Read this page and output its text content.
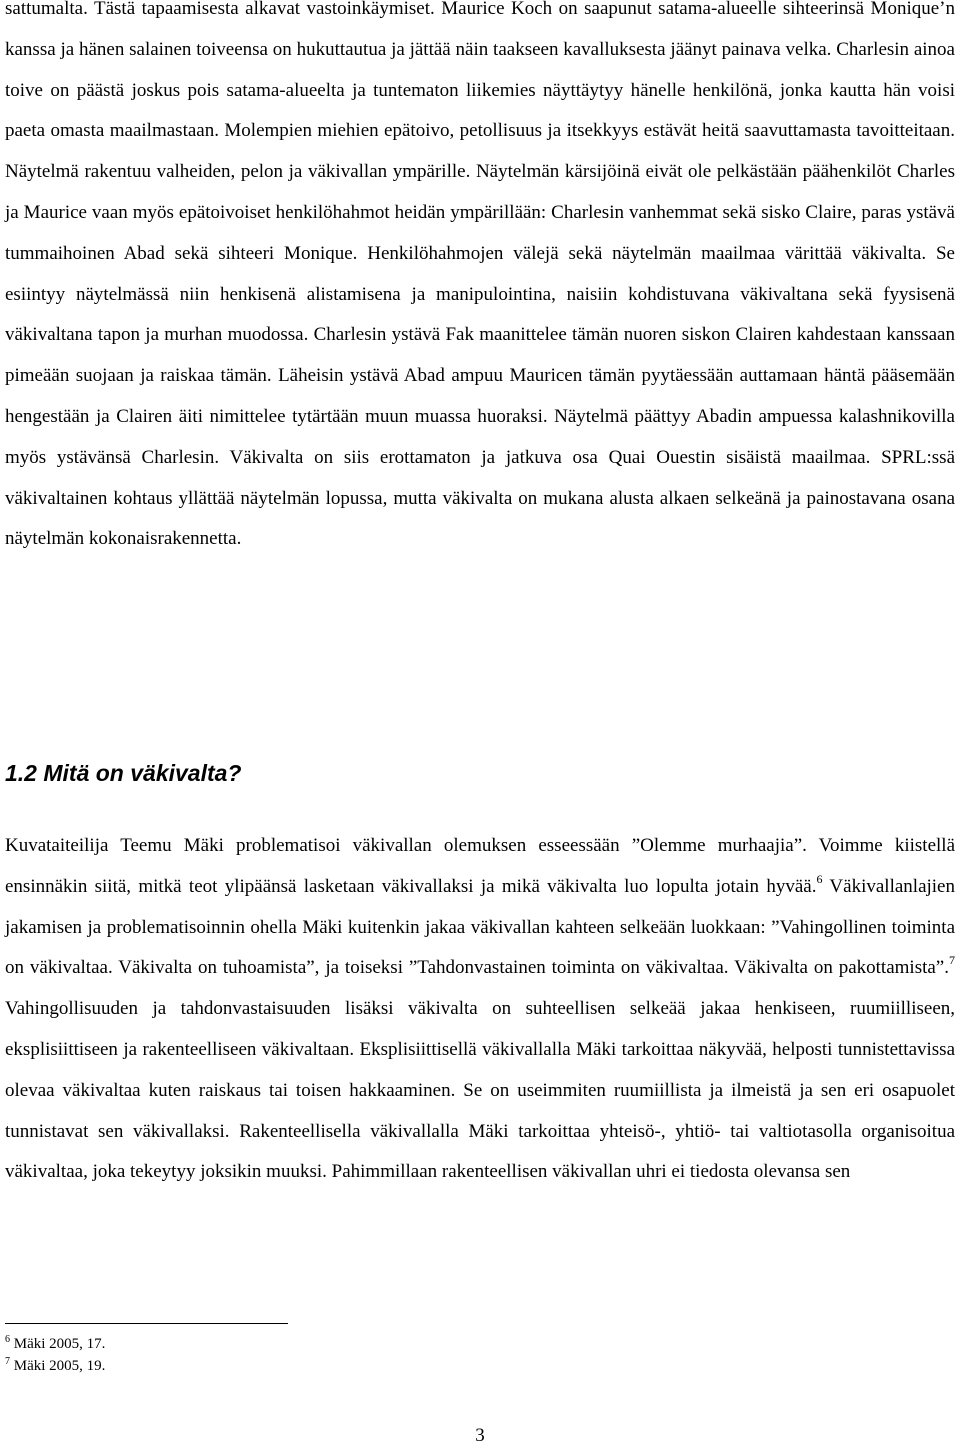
sattumalta. Tästä tapaamisesta alkavat vastoinkäymiset. Maurice Koch on saapunut satama-alueelle sihteerinsä Monique’n kanssa ja hänen salainen toiveensa on hukuttautua ja jättää näin taakseen kavalluksesta jäänyt painava velka. Charlesin ainoa toive on päästä joskus pois satama-alueelta ja tuntematon liikemies näyttäytyy hänelle henkilönä, jonka kautta hän voisi paeta omasta maailmastaan. Molempien miehien epätoivo, petollisuus ja itsekkyys estävät heitä saavuttamasta tavoitteitaan. Näytelmä rakentuu valheiden, pelon ja väkivallan ympärille. Näytelmän kärsijöinä eivät ole pelkästään päähenkilöt Charles ja Maurice vaan myös epätoivoiset henkilöhahmot heidän ympärillään: Charlesin vanhemmat sekä sisko Claire, paras ystävä tummaihoinen Abad sekä sihteeri Monique. Henkilöhahmojen välejä sekä näytelmän maailmaa värittää väkivalta. Se esiintyy näytelmässä niin henkisenä alistamisena ja manipulointina, naisiin kohdistuvana väkivaltana sekä fyysisenä väkivaltana tapon ja murhan muodossa. Charlesin ystävä Fak maanittelee tämän nuoren siskon Clairen kahdestaan kanssaan pimeään suojaan ja raiskaa tämän. Läheisin ystävä Abad ampuu Mauricen tämän pyytäessään auttamaan häntä pääsemään hengestään ja Clairen äiti nimittelee tytärtään muun muassa huoraksi. Näytelmä päättyy Abadin ampuessa kalashnikovilla myös ystävänsä Charlesin. Väkivalta on siis erottamaton ja jatkuva osa Quai Ouestin sisäistä maailmaa. SPRL:ssä väkivaltainen kohtaus yllättää näytelmän lopussa, mutta väkivalta on mukana alusta alkaen selkeänä ja painostavana osana näytelmän kokonaisrakennetta.

1.2 Mitä on väkivalta?

Kuvataiteilija Teemu Mäki problematisoi väkivallan olemuksen esseessään ”Olemme murhaajia”. Voimme kiistellä ensinnäkin siitä, mitkä teot ylipäänsä lasketaan väkivallaksi ja mikä väkivalta luo lopulta jotain hyvää.$^6$ Väkivallanlajien jakamisen ja problematisoinnin ohella Mäki kuitenkin jakaa väkivallan kahteen selkeään luokkaan: ”Vahingollinen toiminta on väkivaltaa. Väkivalta on tuhoamista”, ja toiseksi ”Tahdonvastainen toiminta on väkivaltaa. Väkivalta on pakottamista”.$^7$ Vahingollisuuden ja tahdonvastaisuuden lisäksi väkivalta on suhteellisen selkeää jakaa henkiseen, ruumiilliseen, eksplisiittiseen ja rakenteelliseen väkivaltaan. Eksplisiittisellä väkivallalla Mäki tarkoittaa näkyvää, helposti tunnistettavissa olevaa väkivaltaa kuten raiskaus tai toisen hakkaaminen. Se on useimmiten ruumiillista ja ilmeistä ja sen eri osapuolet tunnistavat sen väkivallaksi. Rakenteellisella väkivallalla Mäki tarkoittaa yhteisö-, yhtiö- tai valtiotasolla organisoitua väkivaltaa, joka tekeytyy joksikin muuksi. Pahimmillaan rakenteellisen väkivallan uhri ei tiedosta olevansa sen

$^6$ Mäki 2005, 17.
$^7$ Mäki 2005, 19.
3
